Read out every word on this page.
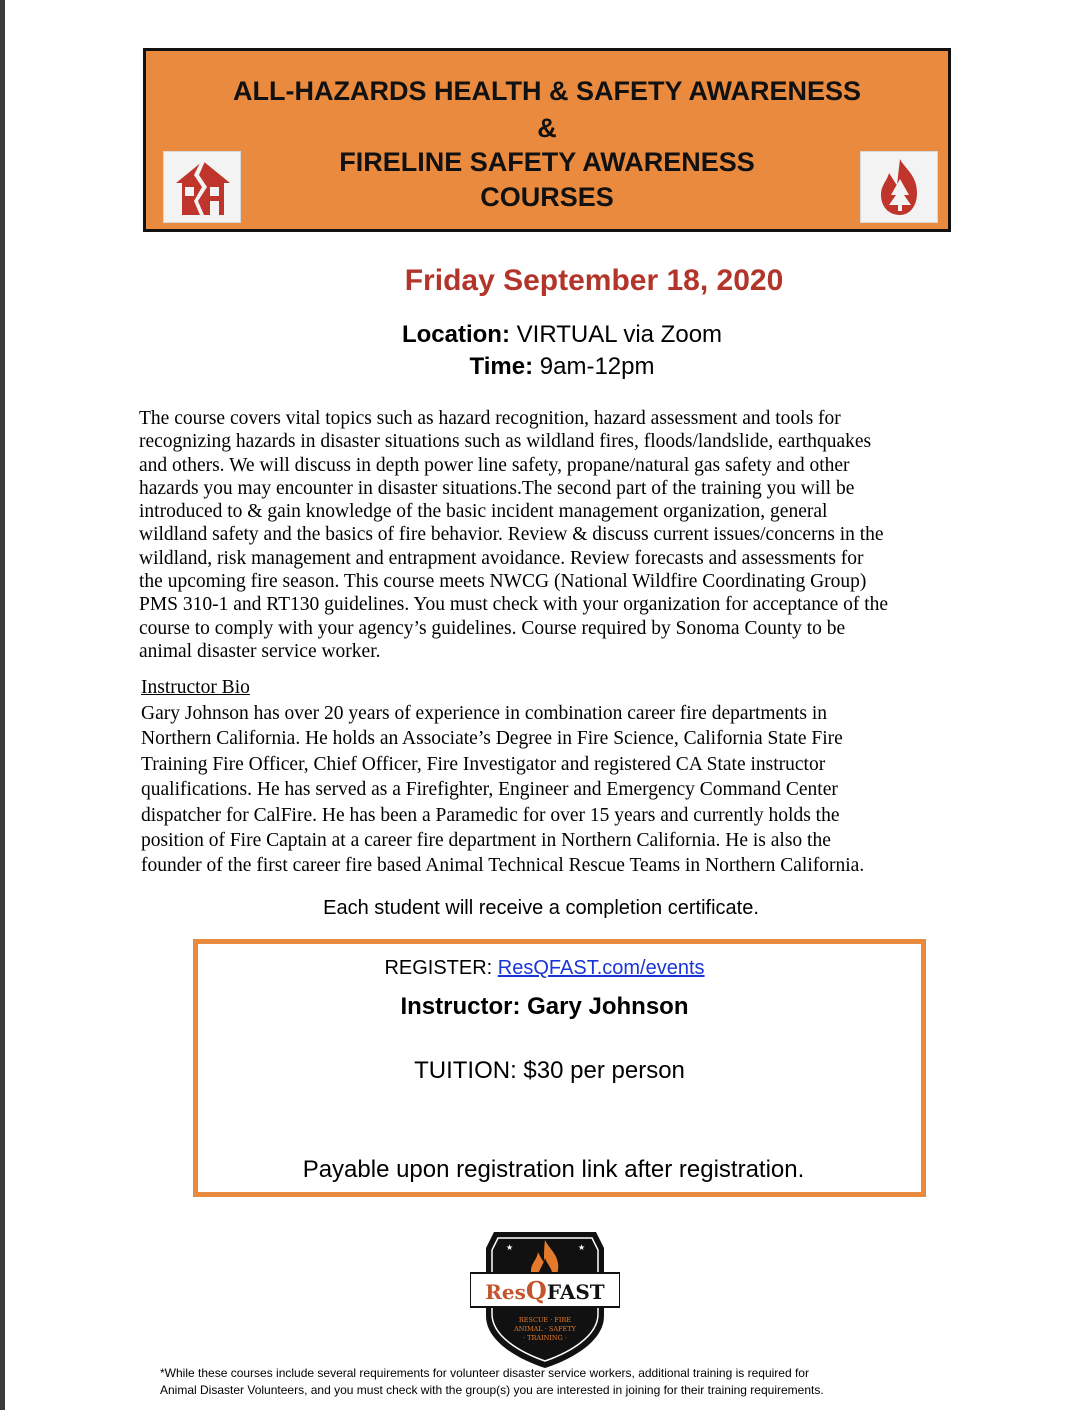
ALL-HAZARDS HEALTH & SAFETY AWARENESS
&
FIRELINE SAFETY AWARENESS
COURSES
Friday September 18, 2020
Location: VIRTUAL via Zoom
Time: 9am-12pm
The course covers vital topics such as hazard recognition, hazard assessment and tools for
recognizing hazards in disaster situations such as wildland fires, floods/landslide, earthquakes
and others. We will discuss in depth power line safety, propane/natural gas safety and other
hazards you may encounter in disaster situations.The second part of the training you will be
introduced to & gain knowledge of the basic incident management organization, general
wildland safety and the basics of fire behavior. Review & discuss current issues/concerns in the
wildland, risk management and entrapment avoidance. Review forecasts and assessments for
the upcoming fire season. This course meets NWCG (National Wildfire Coordinating Group)
PMS 310-1 and RT130 guidelines. You must check with your organization for acceptance of the
course to comply with your agency’s guidelines. Course required by Sonoma County to be
animal disaster service worker.
Instructor Bio
Gary Johnson has over 20 years of experience in combination career fire departments in
Northern California. He holds an Associate’s Degree in Fire Science, California State Fire
Training Fire Officer, Chief Officer, Fire Investigator and registered CA State instructor
qualifications. He has served as a Firefighter, Engineer and Emergency Command Center
dispatcher for CalFire. He has been a Paramedic for over 15 years and currently holds the
position of Fire Captain at a career fire department in Northern California. He is also the
founder of the first career fire based Animal Technical Rescue Teams in Northern California.
Each student will receive a completion certificate.
REGISTER: ResQFAST.com/events
Instructor: Gary Johnson
TUITION: $30 per person
Payable upon registration link after registration.
★	★
ResQFAST
RESCUE · FIRE
ANIMAL · SAFETY
· TRAINING ·
*While these courses include several requirements for volunteer disaster service workers, additional training is required for
Animal Disaster Volunteers, and you must check with the group(s) you are interested in joining for their training requirements.
